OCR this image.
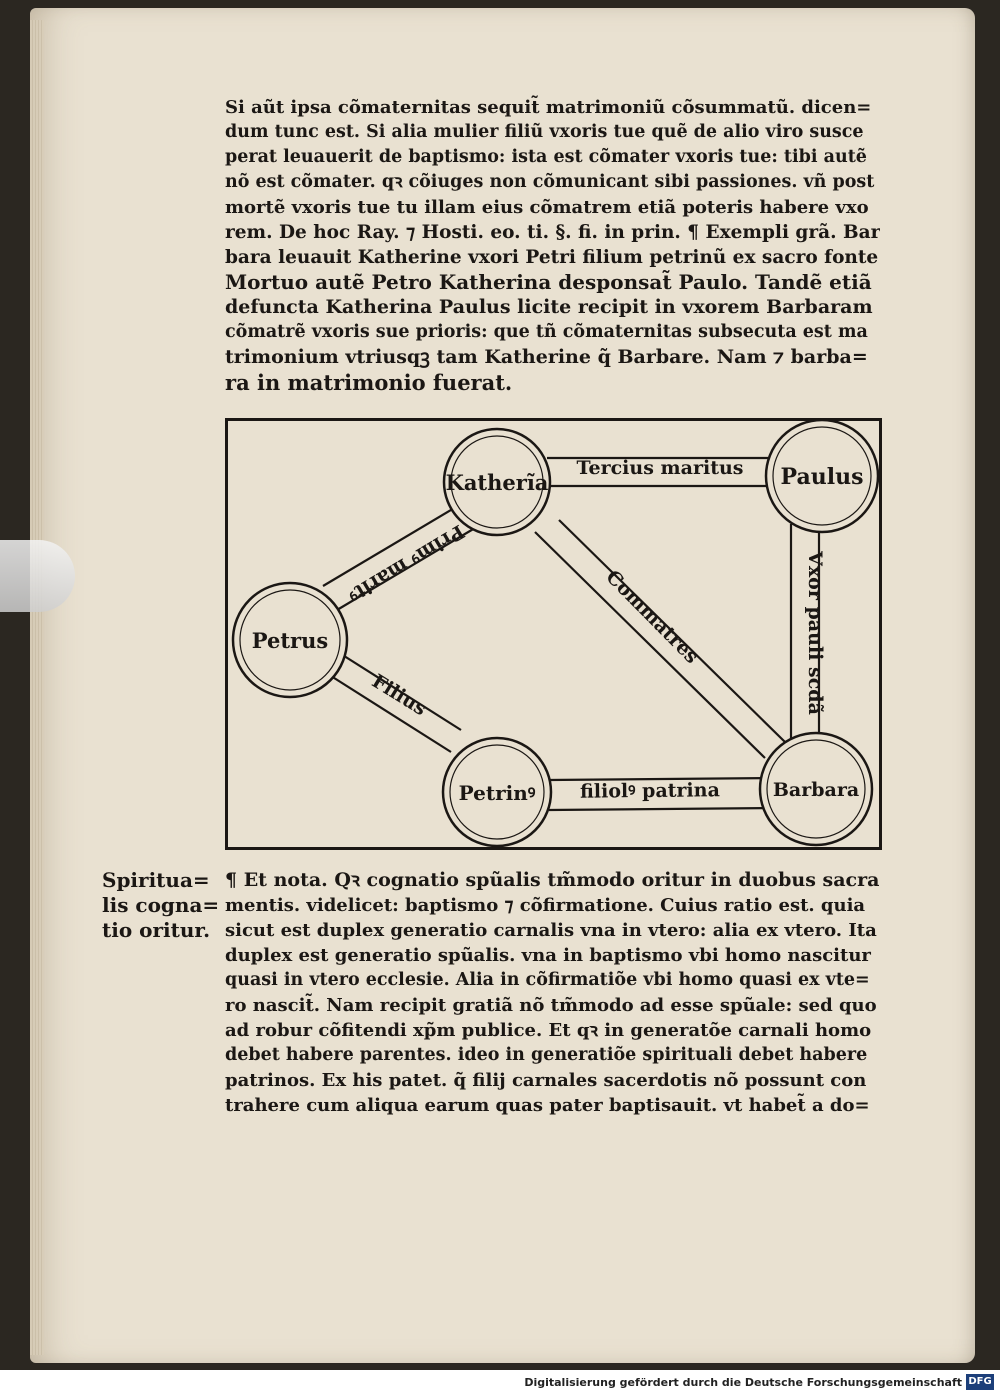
Si aũt ipsa cõmaternitas sequit̃ matrimoniũ cõsummatũ. dicen=
dum tunc est. Si alia mulier filiũ vxoris tue quẽ de alio viro susce
perat leuauerit de baptismo: ista est cõmater vxoris tue: tibi autẽ
nõ est cõmater. qꝛ cõiuges non cõmunicant sibi passiones. vñ post
mortẽ vxoris tue tu illam eius cõmatrem etiã poteris habere vxo
rem. De hoc Ray. ⁊ Hosti. eo. ti. §. fi. in prin. ¶ Exempli grã. Bar
bara leuauit Katherine vxori Petri filium petrinũ ex sacro fonte
Mortuo autẽ Petro Katherina desponsat̃ Paulo. Tandẽ etiã
defuncta Katherina Paulus licite recipit in vxorem Barbaram
cõmatrẽ vxoris sue prioris: que tñ cõmaternitas subsecuta est ma
trimonium vtriusqꝫ tam Katherine q̃ Barbare. Nam ⁊ barba=
ra in matrimonio fuerat.
Katherĩa	Paulus
Petrus
Petrinꝰ	Barbara
Tercius maritus
Primꝰ maritꝰ
Vxor pauli scdã
Commatres
Filius
filiolꝰ patrina
Spiritua=
lis cogna=
tio oritur.
¶ Et nota. Qꝛ cognatio spũalis tm̃modo oritur in duobus sacra
mentis. videlicet: baptismo ⁊ cõfirmatione. Cuius ratio est. quia
sicut est duplex generatio carnalis vna in vtero: alia ex vtero. Ita
duplex est generatio spũalis. vna in baptismo vbi homo nascitur
quasi in vtero ecclesie. Alia in cõfirmatiõe vbi homo quasi ex vte=
ro nascit̃. Nam recipit gratiã nõ tm̃modo ad esse spũale: sed quo
ad robur cõfitendi xp̃m publice. Et qꝛ in generatõe carnali homo
debet habere parentes. ideo in generatiõe spirituali debet habere
patrinos. Ex his patet. q̃ filij carnales sacerdotis nõ possunt con
trahere cum aliqua earum quas pater baptisauit. vt habet̃ a do=
Digitalisierung gefördert durch die Deutsche Forschungsgemeinschaft DFG
